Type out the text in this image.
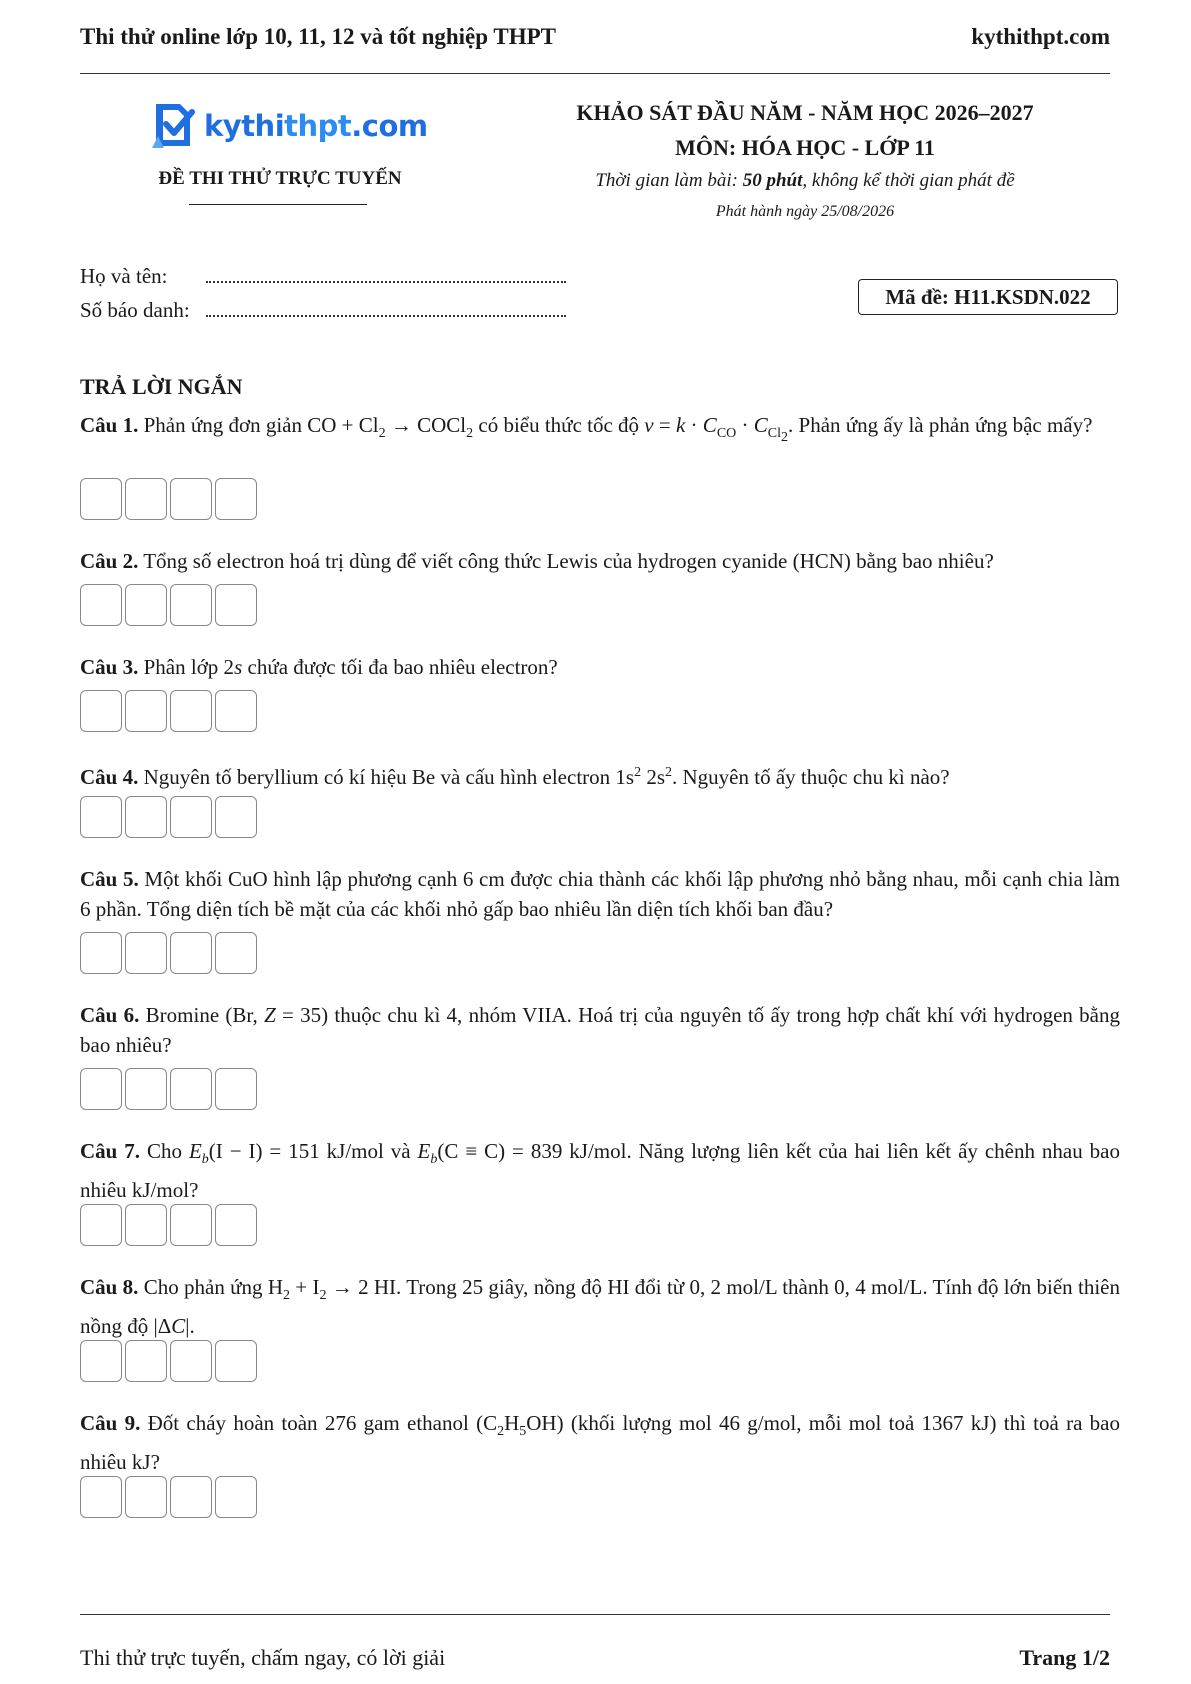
Thi thử online lớp 10, 11, 12 và tốt nghiệp THPT	kythithpt.com
kythithpt.com
ĐỀ THI THỬ TRỰC TUYẾN
KHẢO SÁT ĐẦU NĂM - NĂM HỌC 2026–2027
MÔN: HÓA HỌC - LỚP 11
Thời gian làm bài: 50 phút, không kể thời gian phát đề
Phát hành ngày 25/08/2026
Họ và tên:
Số báo danh:
Mã đề: H11.KSDN.022
TRẢ LỜI NGẮN
Câu 1. Phản ứng đơn giản CO + $Cl_2$ → COCl$_2$ có biểu thức tốc độ $v = k \cdot C_{CO} \cdot C_{Cl_2}$. Phản ứng ấy là phản ứng bậc mấy?
Câu 2. Tổng số electron hoá trị dùng để viết công thức Lewis của hydrogen cyanide (HCN) bằng bao nhiêu?
Câu 3. Phân lớp 2s chứa được tối đa bao nhiêu electron?
Câu 4. Nguyên tố beryllium có kí hiệu Be và cấu hình electron $1s^2$ $2s^2$. Nguyên tố ấy thuộc chu kì nào?
Câu 5. Một khối CuO hình lập phương cạnh 6 cm được chia thành các khối lập phương nhỏ bằng nhau, mỗi cạnh chia làm 6 phần. Tổng diện tích bề mặt của các khối nhỏ gấp bao nhiêu lần diện tích khối ban đầu?
Câu 6. Bromine (Br, Z = 35) thuộc chu kì 4, nhóm VIIA. Hoá trị của nguyên tố ấy trong hợp chất khí với hydrogen bằng bao nhiêu?
Câu 7. Cho $E_b(I - I) = 151$ kJ/mol và $E_b(C \equiv C) = 839$ kJ/mol. Năng lượng liên kết của hai liên kết ấy chênh nhau bao nhiêu kJ/mol?
Câu 8. Cho phản ứng $H_2 + I_2 \to 2$ HI. Trong 25 giây, nồng độ HI đổi từ 0, 2 mol/L thành 0, 4 mol/L. Tính độ lớn biến thiên nồng độ |ΔC|.
Câu 9. Đốt cháy hoàn toàn 276 gam ethanol $(C_2H_5OH)$ (khối lượng mol 46 g/mol, mỗi mol toả 1367 kJ) thì toả ra bao nhiêu kJ?
Thi thử trực tuyến, chấm ngay, có lời giải	Trang 1/2
